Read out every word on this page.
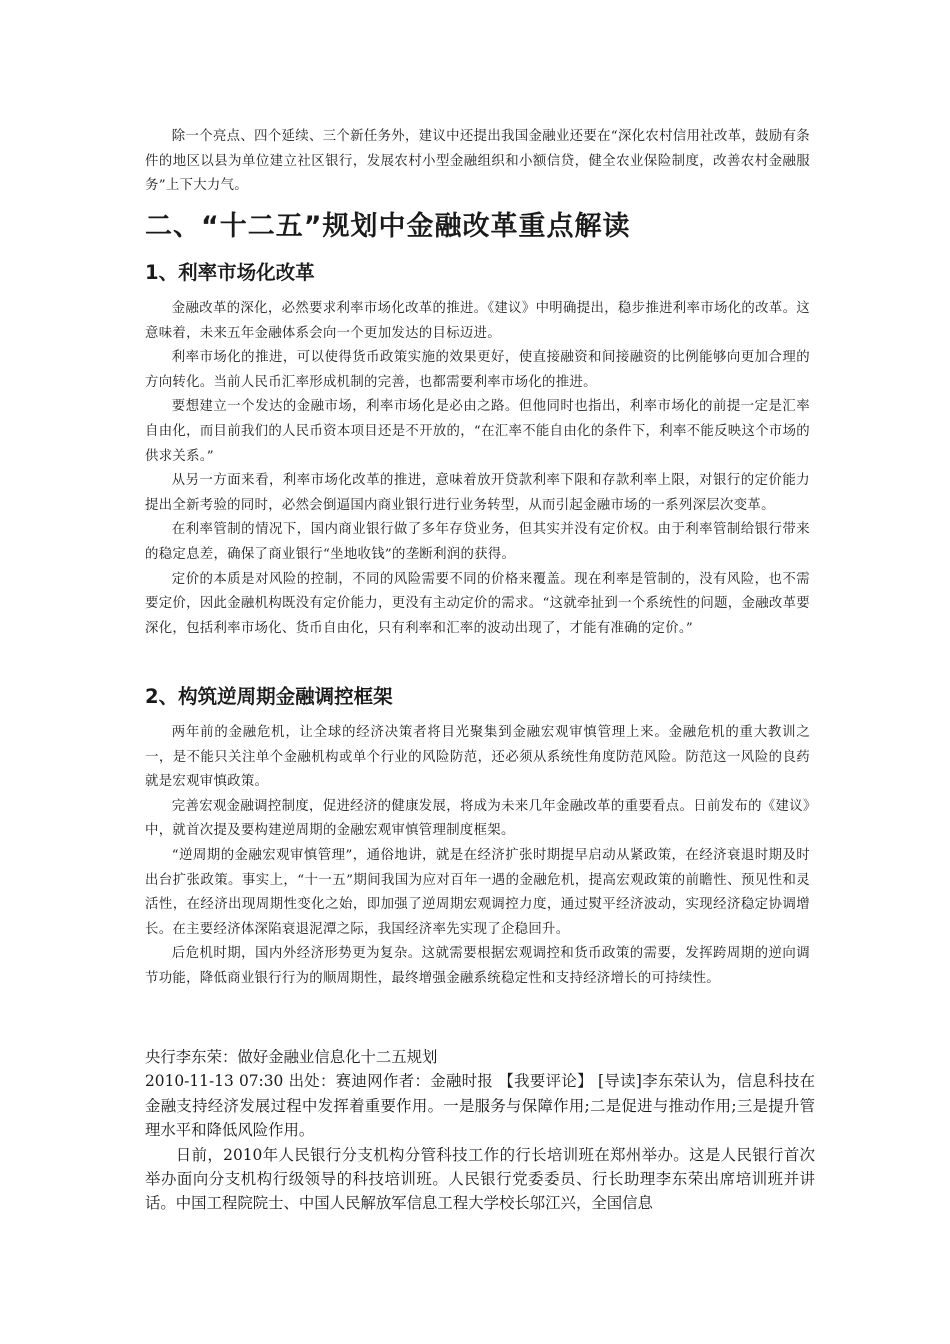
除一个亮点、四个延续、三个新任务外，建议中还提出我国金融业还要在“深化农村信用社改革，鼓励有条件的地区以县为单位建立社区银行，发展农村小型金融组织和小额信贷，健全农业保险制度，改善农村金融服务”上下大力气。

二、“十二五”规划中金融改革重点解读
1、利率市场化改革

金融改革的深化，必然要求利率市场化改革的推进。《建议》中明确提出，稳步推进利率市场化的改革。这意味着，未来五年金融体系会向一个更加发达的目标迈进。

利率市场化的推进，可以使得货币政策实施的效果更好，使直接融资和间接融资的比例能够向更加合理的方向转化。当前人民币汇率形成机制的完善，也都需要利率市场化的推进。

要想建立一个发达的金融市场，利率市场化是必由之路。但他同时也指出，利率市场化的前提一定是汇率自由化，而目前我们的人民币资本项目还是不开放的，“在汇率不能自由化的条件下，利率不能反映这个市场的供求关系。”

从另一方面来看，利率市场化改革的推进，意味着放开贷款利率下限和存款利率上限，对银行的定价能力提出全新考验的同时，必然会倒逼国内商业银行进行业务转型，从而引起金融市场的一系列深层次变革。

在利率管制的情况下，国内商业银行做了多年存贷业务，但其实并没有定价权。由于利率管制给银行带来的稳定息差，确保了商业银行“坐地收钱”的垄断利润的获得。

定价的本质是对风险的控制，不同的风险需要不同的价格来覆盖。现在利率是管制的，没有风险，也不需要定价，因此金融机构既没有定价能力，更没有主动定价的需求。“这就牵扯到一个系统性的问题，金融改革要深化，包括利率市场化、货币自由化，只有利率和汇率的波动出现了，才能有准确的定价。”

2、构筑逆周期金融调控框架

两年前的金融危机，让全球的经济决策者将目光聚集到金融宏观审慎管理上来。金融危机的重大教训之一，是不能只关注单个金融机构或单个行业的风险防范，还必须从系统性角度防范风险。防范这一风险的良药就是宏观审慎政策。

完善宏观金融调控制度，促进经济的健康发展，将成为未来几年金融改革的重要看点。日前发布的《建议》中，就首次提及要构建逆周期的金融宏观审慎管理制度框架。

“逆周期的金融宏观审慎管理”，通俗地讲，就是在经济扩张时期提早启动从紧政策，在经济衰退时期及时出台扩张政策。事实上，“十一五”期间我国为应对百年一遇的金融危机，提高宏观政策的前瞻性、预见性和灵活性，在经济出现周期性变化之始，即加强了逆周期宏观调控力度，通过熨平经济波动，实现经济稳定协调增长。在主要经济体深陷衰退泥潭之际，我国经济率先实现了企稳回升。

后危机时期，国内外经济形势更为复杂。这就需要根据宏观调控和货币政策的需要，发挥跨周期的逆向调节功能，降低商业银行行为的顺周期性，最终增强金融系统稳定性和支持经济增长的可持续性。

央行李东荣：做好金融业信息化十二五规划

2010-11-13 07:30 出处：赛迪网作者：金融时报 【我要评论】 [导读]李东荣认为，信息科技在金融支持经济发展过程中发挥着重要作用。一是服务与保障作用;二是促进与推动作用;三是提升管理水平和降低风险作用。

日前，2010年人民银行分支机构分管科技工作的行长培训班在郑州举办。这是人民银行首次举办面向分支机构行级领导的科技培训班。人民银行党委委员、行长助理李东荣出席培训班并讲话。中国工程院院士、中国人民解放军信息工程大学校长邬江兴，全国信息
